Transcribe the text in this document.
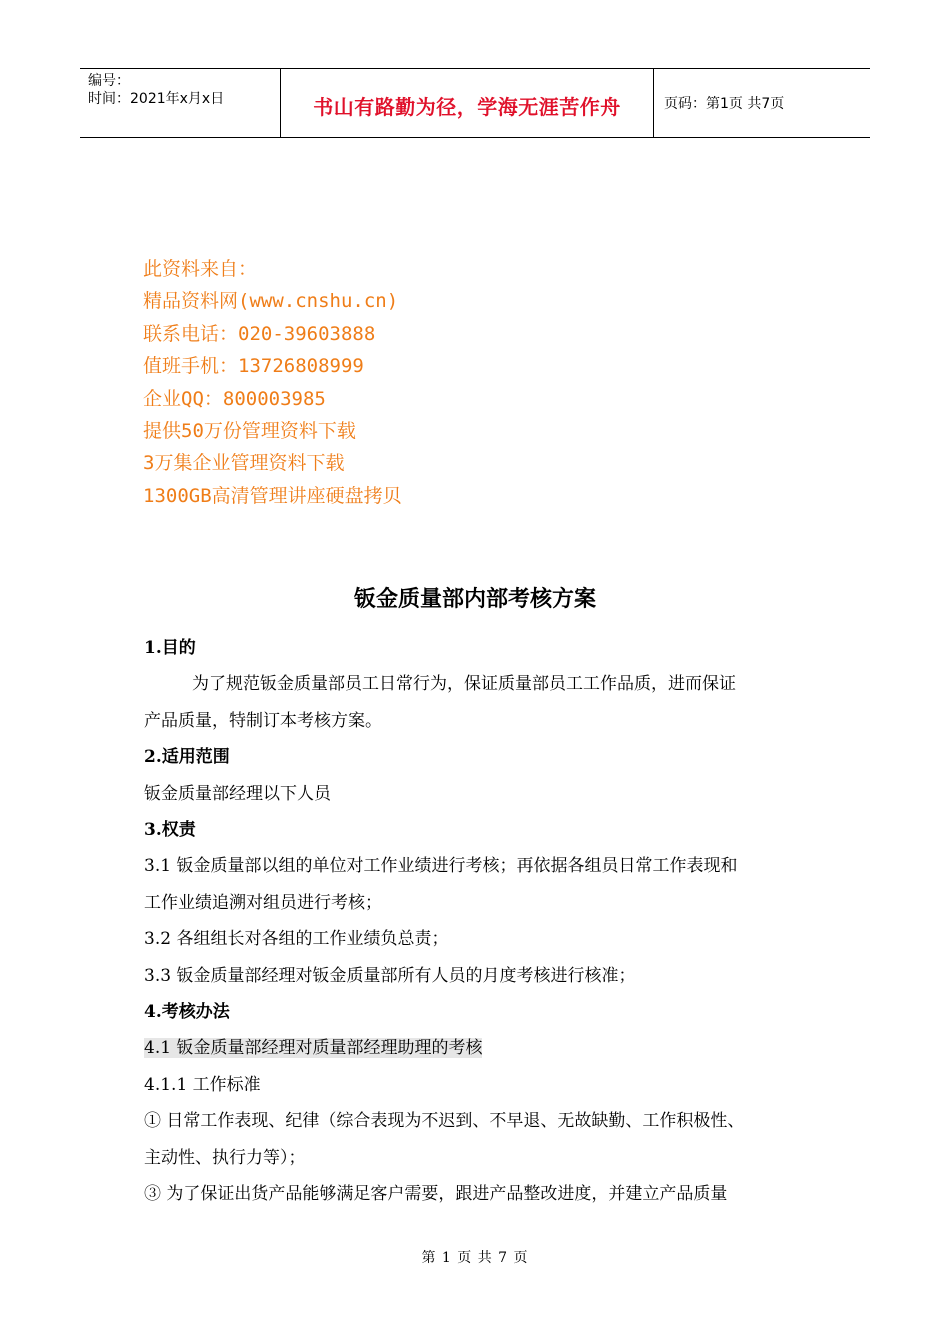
编号：
时间：2021年x月x日	书山有路勤为径，学海无涯苦作舟	页码：第1页 共7页
此资料来自：
精品资料网(www.cnshu.cn)
联系电话：020-39603888
值班手机：13726808999
企业QQ：800003985
提供50万份管理资料下载
3万集企业管理资料下载
1300GB高清管理讲座硬盘拷贝
钣金质量部内部考核方案

1.目的

为了规范钣金质量部员工日常行为，保证质量部员工工作品质，进而保证

产品质量，特制订本考核方案。

2.适用范围

钣金质量部经理以下人员

3.权责

3.1 钣金质量部以组的单位对工作业绩进行考核；再依据各组员日常工作表现和

工作业绩追溯对组员进行考核；

3.2 各组组长对各组的工作业绩负总责；

3.3 钣金质量部经理对钣金质量部所有人员的月度考核进行核准；

4.考核办法

4.1 钣金质量部经理对质量部经理助理的考核

4.1.1 工作标准

① 日常工作表现、纪律（综合表现为不迟到、不早退、无故缺勤、工作积极性、

主动性、执行力等）；

③ 为了保证出货产品能够满足客户需要，跟进产品整改进度，并建立产品质量

第 1 页 共 7 页
